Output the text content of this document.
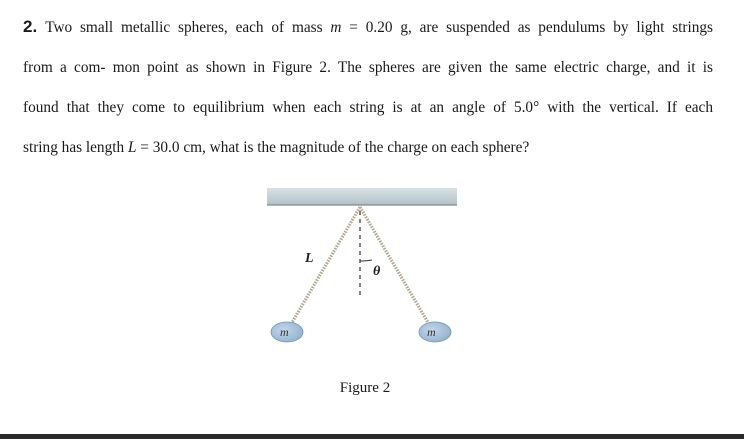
2. Two small metallic spheres, each of mass m = 0.20 g, are suspended as pendulums by light strings
from a com- mon point as shown in Figure 2. The spheres are given the same electric charge, and it is
found that they come to equilibrium when each string is at an angle of 5.0° with the vertical. If each
string has length L = 30.0 cm, what is the magnitude of the charge on each sphere?
L
θ
m	m
Figure 2
